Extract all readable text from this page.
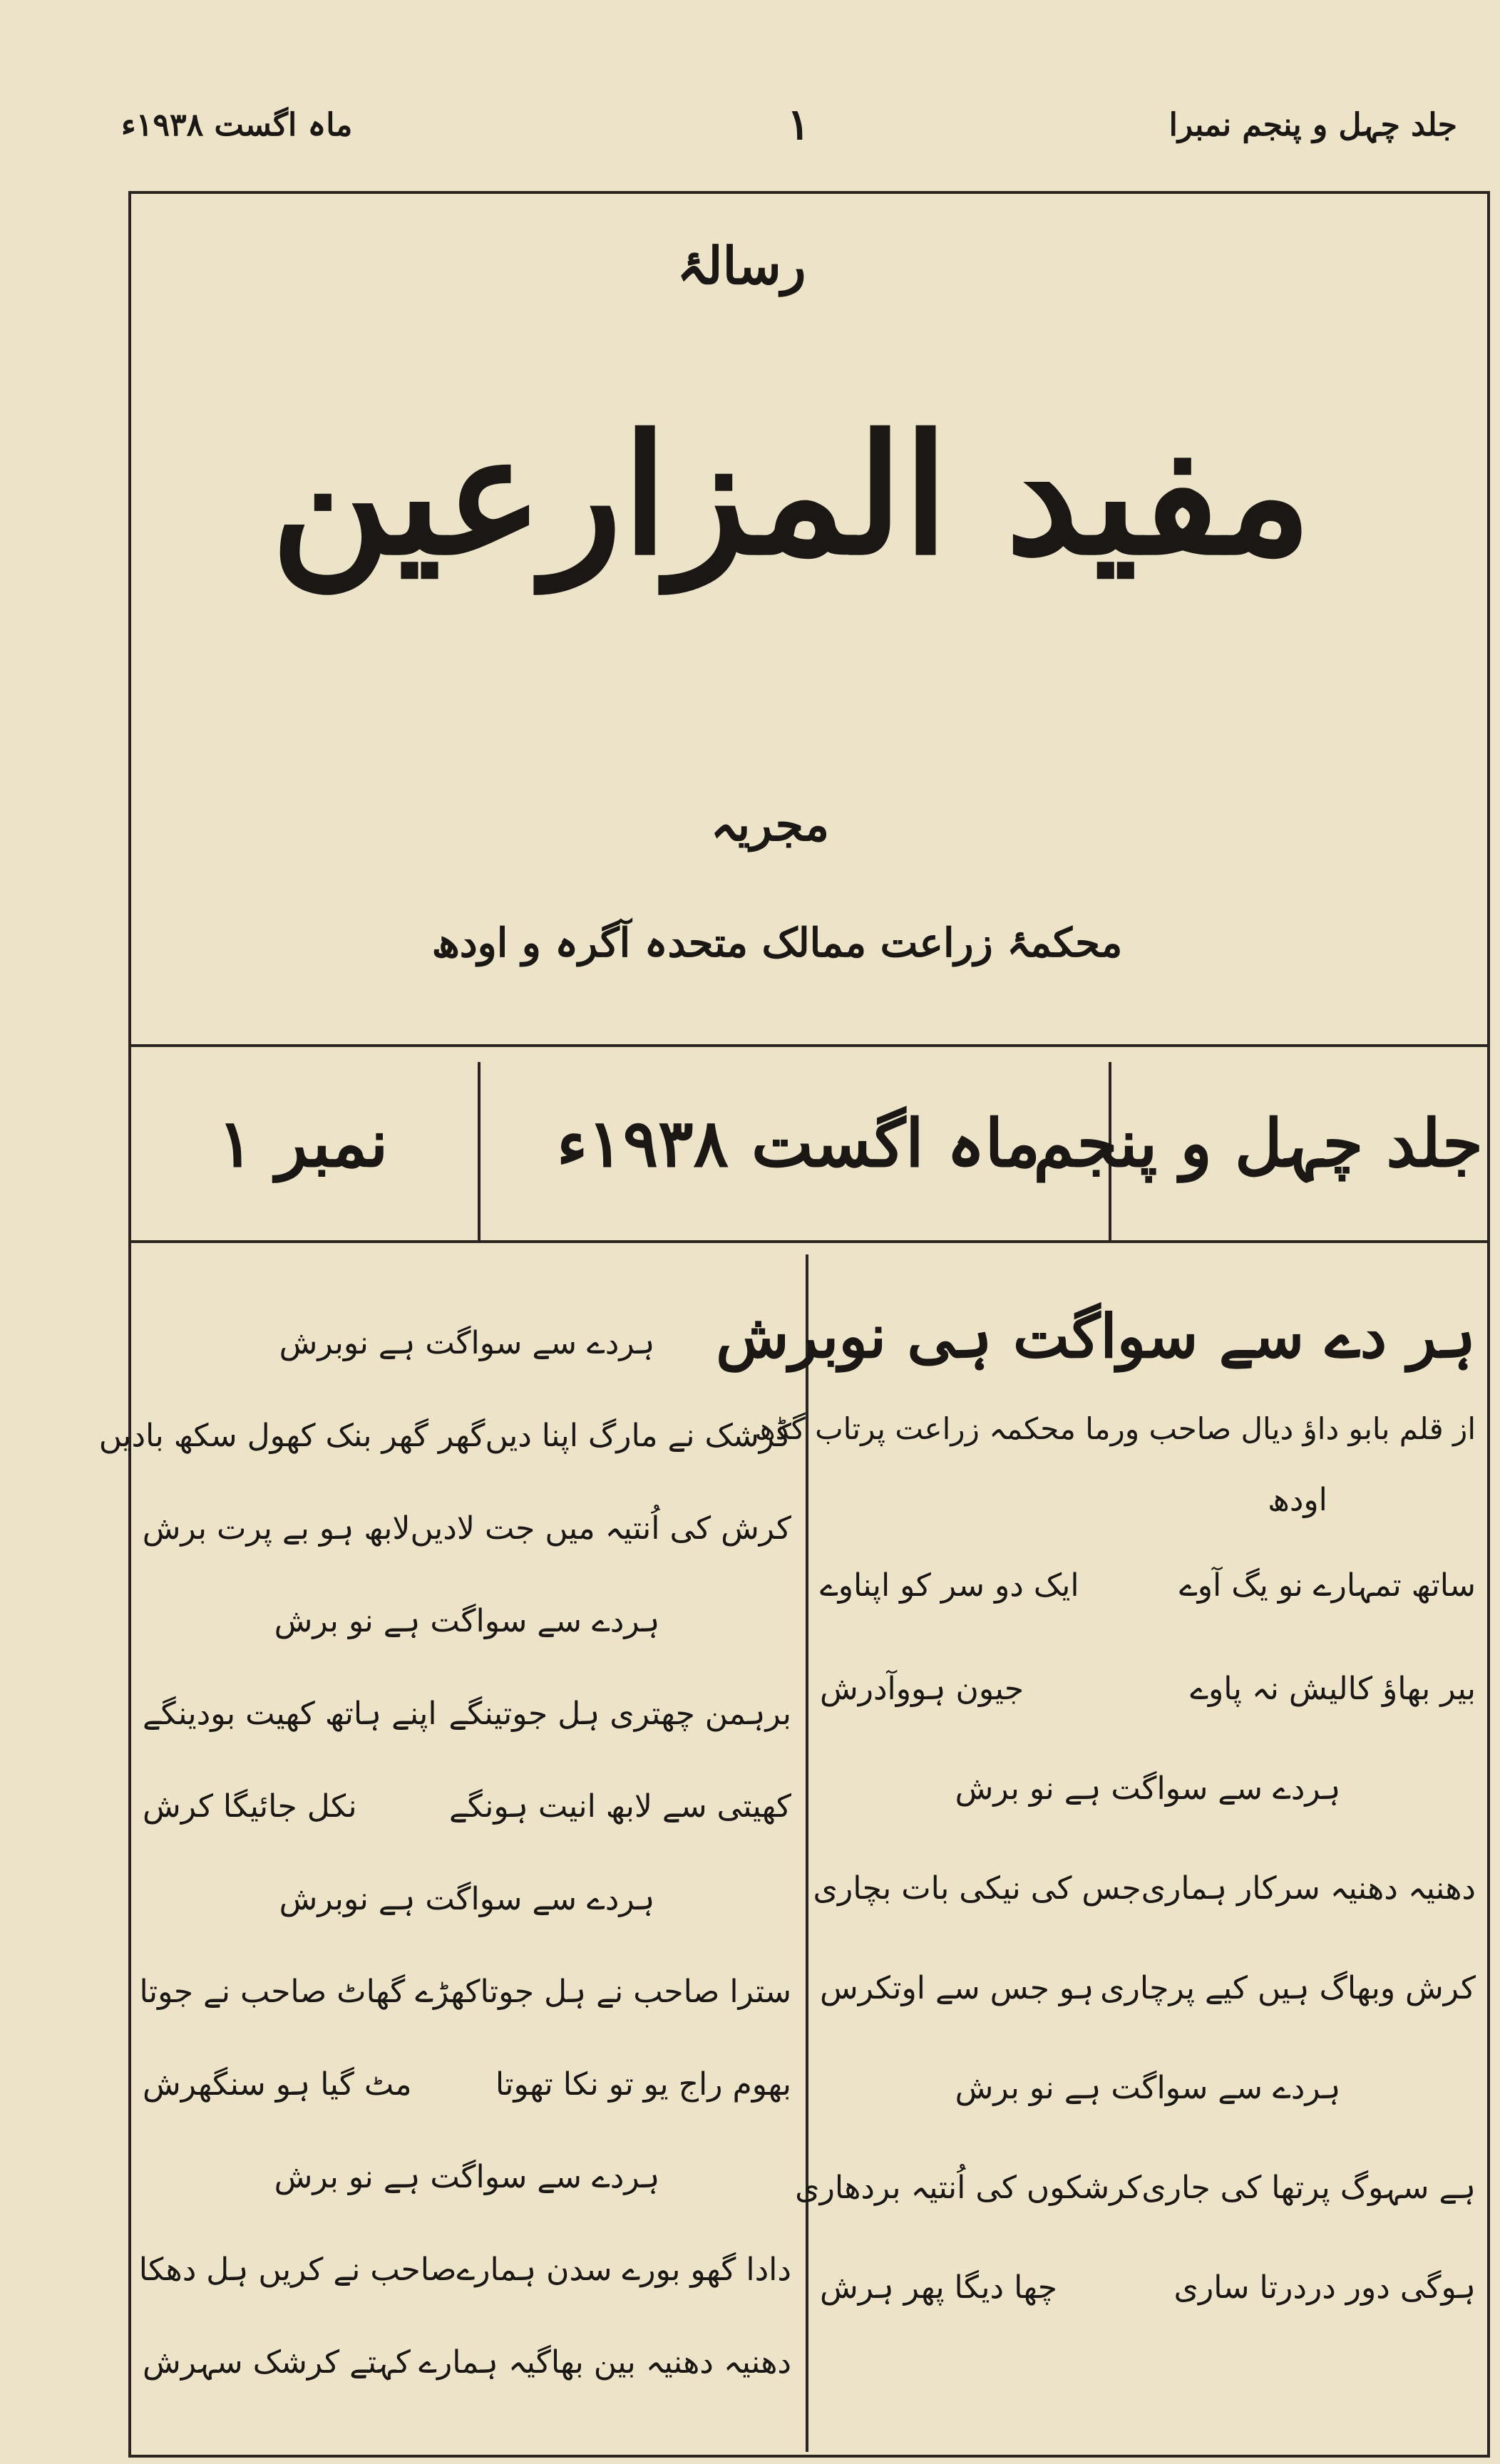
جلد چہل و پنجم نمبرا
۱
ماہ اگست ۱۹۳۸ء
رسالۂ
مفید المزارعین
مجریہ
محکمۂ زراعت ممالک متحدہ آگرہ و اودھ
جلد چہل و پنجم
ماہ اگست ۱۹۳۸ء
نمبر ۱
ہر دے سے سواگت ہی نوبرش
از قلم بابو داؤ دیال صاحب ورما محکمہ زراعت پرتاب گڈھ
اودھ
ساتھ تمہارے نو یگ آوے
ایک دو سر کو اپناوے
بیر بھاؤ کالیش نہ پاوے
جیون ہووآدرش
ہردے سے سواگت ہے نو برش
دھنیہ دھنیہ سرکار ہماری
جس کی نیکی بات بچاری
کرش وبھاگ ہیں کیے پرچاری
ہو جس سے اوتکرس
ہردے سے سواگت ہے نو برش
ہے سہوگ پرتھا کی جاری
کرشکوں کی اُنتیہ بردھاری
ہوگی دور دردرتا ساری
چھا دیگا پھر ہرش
ہردے سے سواگت ہے نوبرش
کرشک نے مارگ اپنا دیں
گھر گھر بنک کھول سکھ بادیں
کرش کی اُنتیہ میں جت لادیں
لابھ ہو بے پرت برش
ہردے سے سواگت ہے نو برش
برہمن چھتری ہل جوتینگے
اپنے ہاتھ کھیت بودینگے
کھیتی سے لابھ انیت ہونگے
نکل جائیگا کرش
ہردے سے سواگت ہے نوبرش
سترا صاحب نے ہل جوتا
کھڑے گھاٹ صاحب نے جوتا
بھوم راج یو تو نکا تھوتا
مٹ گیا ہو سنگھرش
ہردے سے سواگت ہے نو برش
دادا گھو بورے سدن ہمارے
صاحب نے کریں ہل دھکا
دھنیہ دھنیہ بین بھاگیہ ہمارے
کہتے کرشک سہرش
